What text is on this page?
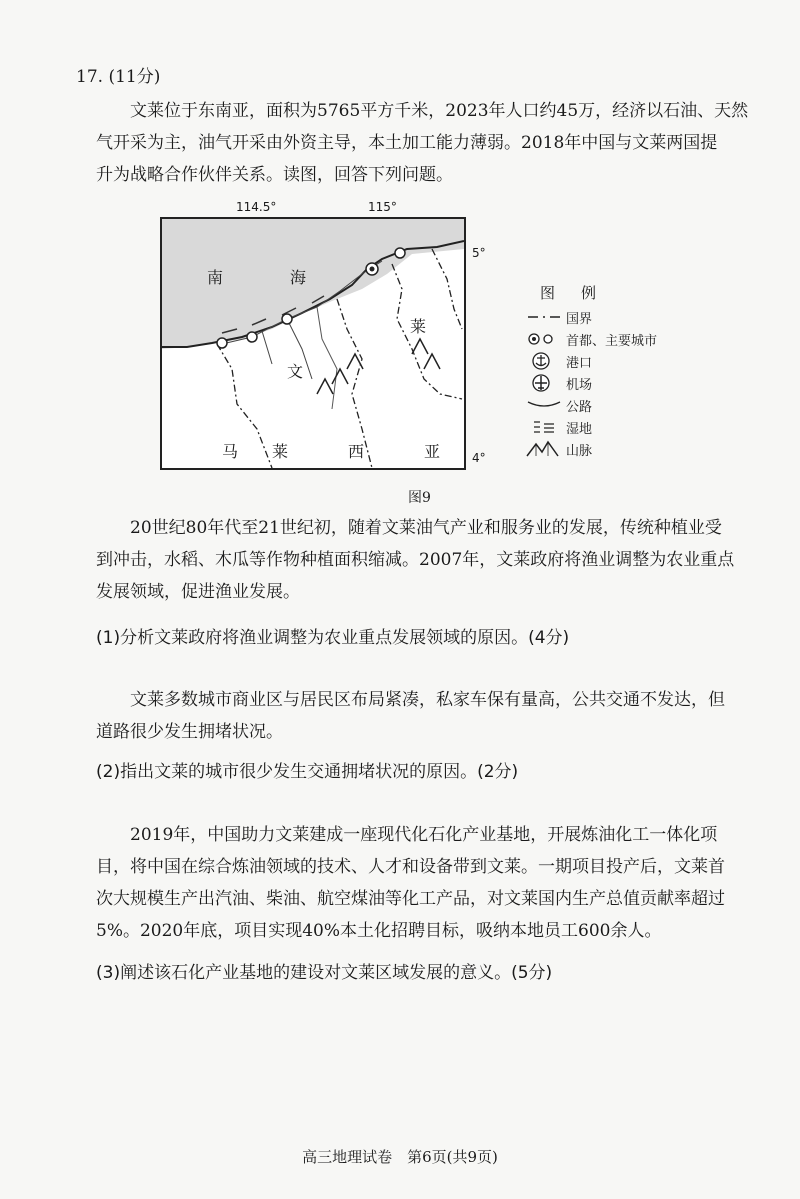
17. (11分)
文莱位于东南亚，面积为5765平方千米，2023年人口约45万，经济以石油、天然
气开采为主，油气开采由外资主导，本土加工能力薄弱。2018年中国与文莱两国提
升为战略合作伙伴关系。读图，回答下列问题。
114.5°	115°
5°
4°
南	海
文
莱
马 莱	西	亚
图例
国界
首都、主要城市
港口
机场
公路
湿地
山脉
图9
20世纪80年代至21世纪初，随着文莱油气产业和服务业的发展，传统种植业受
到冲击，水稻、木瓜等作物种植面积缩减。2007年，文莱政府将渔业调整为农业重点
发展领域，促进渔业发展。
(1)分析文莱政府将渔业调整为农业重点发展领域的原因。(4分)
文莱多数城市商业区与居民区布局紧凑，私家车保有量高，公共交通不发达，但
道路很少发生拥堵状况。
(2)指出文莱的城市很少发生交通拥堵状况的原因。(2分)
2019年，中国助力文莱建成一座现代化石化产业基地，开展炼油化工一体化项
目，将中国在综合炼油领域的技术、人才和设备带到文莱。一期项目投产后，文莱首
次大规模生产出汽油、柴油、航空煤油等化工产品，对文莱国内生产总值贡献率超过
5%。2020年底，项目实现40%本土化招聘目标，吸纳本地员工600余人。
(3)阐述该石化产业基地的建设对文莱区域发展的意义。(5分)
高三地理试卷　第6页(共9页)
